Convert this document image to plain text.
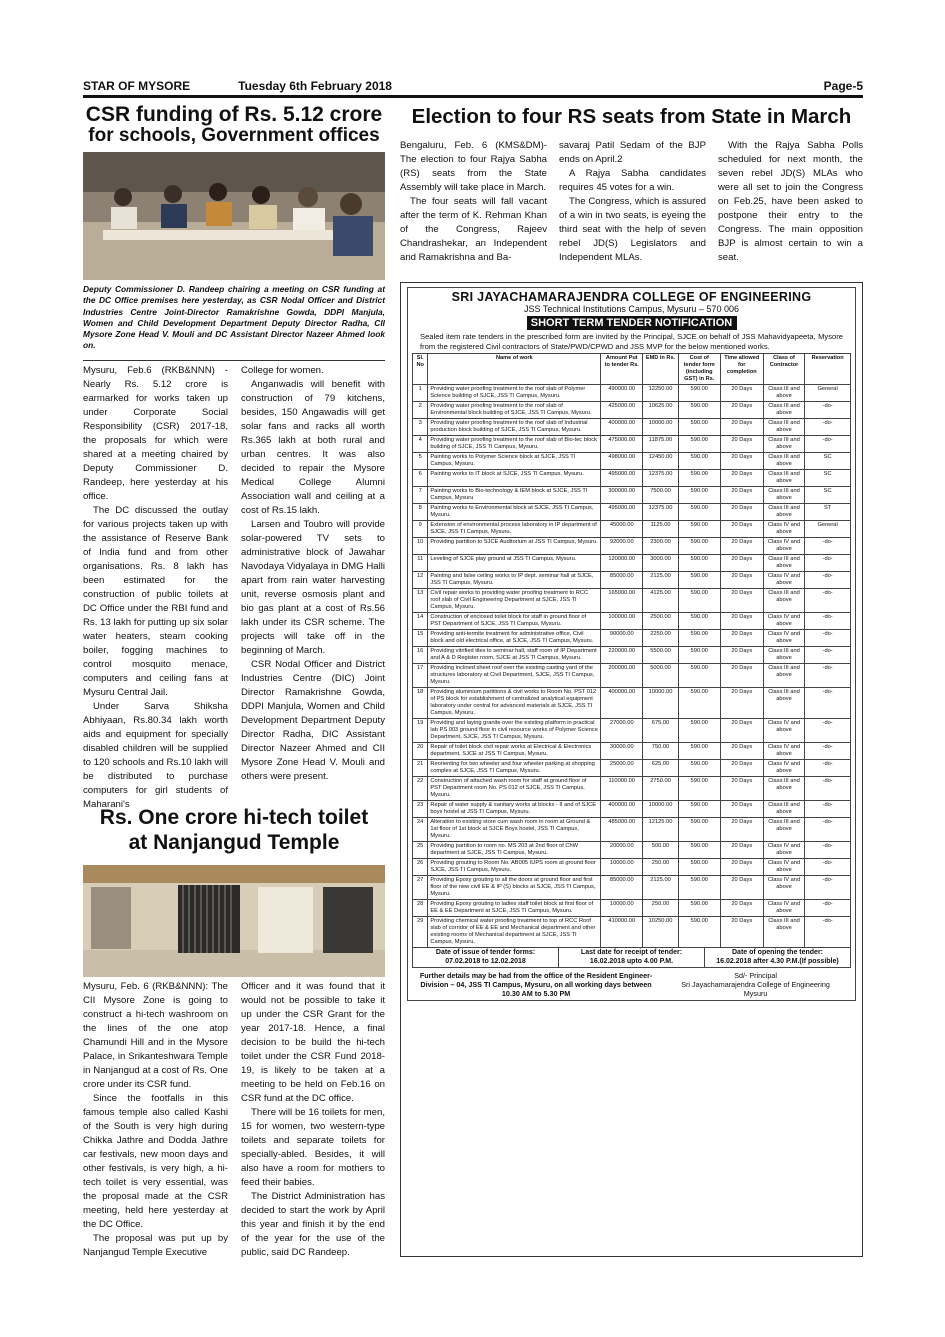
STAR OF MYSORE	Tuesday 6th February 2018	Page-5
CSR funding of Rs. 5.12 crore
for schools, Government offices
Deputy Commissioner D. Randeep chairing a meeting on CSR funding at the DC Office premises here yesterday, as CSR Nodal Officer and District Industries Centre Joint-Director Ramakrishne Gowda, DDPI Manjula, Women and Child Development Department Deputy Director Radha, CII Mysore Zone Head V. Mouli and DC Assistant Director Nazeer Ahmed look on.

Mysuru, Feb.6 (RKB&NNN) - Nearly Rs. 5.12 crore is earmarked for works taken up under Corporate Social Responsibility (CSR) 2017-18, the proposals for which were shared at a meeting chaired by Deputy Commissioner D. Randeep, here yesterday at his office.

The DC discussed the outlay for various projects taken up with the assistance of Reserve Bank of India fund and from other organisations. Rs. 8 lakh has been estimated for the construction of public toilets at DC Office under the RBI fund and Rs. 13 lakh for putting up six solar water heaters, steam cooking boiler, fogging machines to control mosquito menace, computers and ceiling fans at Mysuru Central Jail.

Under Sarva Shiksha Abhiyaan, Rs.80.34 lakh worth aids and equipment for specially disabled children will be supplied to 120 schools and Rs.10 lakh will be distributed to purchase computers for girl students of Maharani's

College for women.

Anganwadis will benefit with construction of 79 kitchens, besides, 150 Angawadis will get solar fans and racks all worth Rs.365 lakh at both rural and urban centres. It was also decided to repair the Mysore Medical College Alumni Association wall and ceiling at a cost of Rs.15 lakh.

Larsen and Toubro will provide solar-powered TV sets to administrative block of Jawahar Navodaya Vidyalaya in DMG Halli apart from rain water harvesting unit, reverse osmosis plant and bio gas plant at a cost of Rs.56 lakh under its CSR scheme. The projects will take off in the beginning of March.

CSR Nodal Officer and District Industries Centre (DIC) Joint Director Ramakrishne Gowda, DDPI Manjula, Women and Child Development Department Deputy Director Radha, DIC Assistant Director Nazeer Ahmed and CII Mysore Zone Head V. Mouli and others were present.

Rs. One crore hi-tech toilet
at Nanjangud Temple

Mysuru, Feb. 6 (RKB&NNN): The CII Mysore Zone is going to construct a hi-tech washroom on the lines of the one atop Chamundi Hill and in the Mysore Palace, in Srikanteshwara Temple in Nanjangud at a cost of Rs. One crore under its CSR fund.

Since the footfalls in this famous temple also called Kashi of the South is very high during Chikka Jathre and Dodda Jathre car festivals, new moon days and other festivals, is very high, a hi-tech toilet is very essential, was the proposal made at the CSR meeting, held here yesterday at the DC Office.

The proposal was put up by Nanjangud Temple Executive

Officer and it was found that it would not be possible to take it up under the CSR Grant for the year 2017-18. Hence, a final decision to be build the hi-tech toilet under the CSR Fund 2018-19, is likely to be taken at a meeting to be held on Feb.16 on CSR fund at the DC office.

There will be 16 toilets for men, 15 for women, two western-type toilets and separate toilets for specially-abled. Besides, it will also have a room for mothers to feed their babies.

The District Administration has decided to start the work by April this year and finish it by the end of the year for the use of the public, said DC Randeep.

Election to four RS seats from State in March

Bengaluru, Feb. 6 (KMS&DM)- The election to four Rajya Sabha (RS) seats from the State Assembly will take place in March.

The four seats will fall vacant after the term of K. Rehman Khan of the Congress, Rajeev Chandrashekar, an Independent and Ramakrishna and Ba-

savaraj Patil Sedam of the BJP ends on April.2

A Rajya Sabha candidates requires 45 votes for a win.

The Congress, which is assured of a win in two seats, is eyeing the third seat with the help of seven rebel JD(S) Legislators and Independent MLAs.

With the Rajya Sabha Polls scheduled for next month, the seven rebel JD(S) MLAs who were all set to join the Congress on Feb.25, have been asked to postpone their entry to the Congress. The main opposition BJP is almost certain to win a seat.

SRI JAYACHAMARAJENDRA COLLEGE OF ENGINEERING
JSS Technical Institutions Campus, Mysuru – 570 006
SHORT TERM TENDER NOTIFICATION
Sealed item rate tenders in the prescribed form are invited by the Principal, SJCE on behalf of JSS Mahavidyapeeta, Mysore from the registered Civil contractors of State/PWD/CPWD and JSS MVP for the below mentioned works.
Sl. No	Name of work	Amount Put to tender Rs.	EMD in Rs.	Cost of tender form (including GST) in Rs.	Time allowed for completion	Class of Contractor	Reservation
1	Providing water proofing treatment to the roof slab of Polymer Science building of SJCE, JSS TI Campus, Mysuru.	490000.00	12250.00	590.00	20 Days	Class III and above	General
2	Providing water proofing treatment to the roof slab of Environmental block building of SJCE, JSS TI Campus, Mysuru.	425000.00	10625.00	590.00	20 Days	Class III and above	-do-
3	Providing water proofing treatment to the roof slab of Industrial production block building of SJCE, JSS TI Campus, Mysuru.	400000.00	10000.00	590.00	20 Days	Class III and above	-do-
4	Providing water proofing treatment to the roof slab of Bio-tec block building of SJCE, JSS TI Campus, Mysuru.	475000.00	11875.00	590.00	20 Days	Class III and above	-do-
5	Painting works to Polymer Science block at SJCE, JSS TI Campus, Mysuru.	498000.00	12450.00	590.00	20 Days	Class III and above	SC
6	Painting works to IT block at SJCE, JSS TI Campus, Mysuru.	495000.00	12375.00	590.00	20 Days	Class III and above	SC
7	Painting works to Bio-technology & IEM block at SJCE, JSS TI Campus, Mysuru	300000.00	7500.00	590.00	20 Days	Class III and above	SC
8	Painting works to Environmental block at SJCE, JSS TI Campus, Mysuru.	495000.00	12375.00	590.00	20 Days	Class III and above	ST
9	Extension of environmental process laboratory in IP department of SJCE, JSS TI Campus, Mysuru.	45000.00	1125.00	590.00	20 Days	Class IV and above	General
10	Providing partition to SJCE Auditorium at JSS TI Campus, Mysuru.	92000.00	2300.00	590.00	20 Days	Class IV and above	-do-
11	Leveling of SJCE play ground at JSS TI Campus, Mysuru.	120000.00	3000.00	590.00	20 Days	Class III and above	-do-
12	Painting and false ceiling works to IP dept. seminar hall at SJCE, JSS TI Campus, Mysuru.	85000.00	2125.00	590.00	20 Days	Class IV and above	-do-
13	Civil repair works to providing water proofing treatment to RCC roof slab of Civil Engineering Department at SJCE, JSS TI Campus, Mysuru.	165000.00	4125.00	590.00	20 Days	Class III and above	-do-
14	Construction of enclosed toilet block for staff in ground floor of PST Department of SJCE, JSS TI Campus, Mysuru.	100000.00	2500.00	590.00	20 Days	Class IV and above	-do-
15	Providing anti-termite treatment for administrative office, Civil block and old electrical office, at SJCE, JSS TI Campus, Mysuru.	90000.00	2250.00	590.00	20 Days	Class IV and above	-do-
16	Providing vitrified tiles to seminar hall, staff room of IP Department and A & D Register room, SJCE at JSS TI Campus, Mysuru.	220000.00	5500.00	590.00	20 Days	Class III and above	-do-
17	Providing inclined sheet roof over the existing casting yard of the structures laboratory at Civil Department, SJCE, JSS TI Campus, Mysuru.	200000.00	5000.00	590.00	20 Days	Class III and above	-do-
18	Providing aluminium partitions & civil works to Room No. PST 012 of PS block for establishment of centralized analytical equipment laboratory under central for advanced materials at SJCE, JSS TI Campus, Mysuru.	400000.00	10000.00	590.00	20 Days	Class III and above	-do-
19	Providing and laying granite over the existing platform in practical lab PS 003 ground floor in civil resource works of Polymer Science Department, SJCE, JSS TI Campus, Mysuru.	27000.00	675.00	590.00	20 Days	Class IV and above	-do-
20	Repair of toilet block civil repair works at Electrical & Electronics department, SJCE at JSS TI Campus, Mysuru.	30000.00	750.00	590.00	20 Days	Class IV and above	-do-
21	Reorienting for two wheeler and four wheeler parking at shopping complex at SJCE, JSS TI Campus, Mysuru.	25000.00	625.00	590.00	20 Days	Class IV and above	-do-
22	Construction of attached wash room for staff at ground floor of PST Department room No. PS 012 of SJCE, JSS TI Campus, Mysuru.	110000.00	2750.00	590.00	20 Days	Class III and above	-do-
23	Repair of water supply & sanitary works at blocks - II and of SJCE boys hostel at JSS TI Campus, Mysuru.	400000.00	10000.00	590.00	20 Days	Class III and above	-do-
24	Alteration to existing store cum wash room in room at Ground & 1st floor of 1st block at SJCE Boys hostel, JSS TI Campus, Mysuru.	485000.00	12125.00	590.00	20 Days	Class III and above	-do-
25	Providing partition to room no. MS 203 at 2nd floor of ChW department at SJCE, JSS TI Campus, Mysuru.	20000.00	500.00	590.00	20 Days	Class IV and above	-do-
26	Providing grouting to Room No. AB005 IUPS room at ground floor SJCE, JSS TI Campus, Mysuru.	10000.00	250.00	590.00	20 Days	Class IV and above	-do-
27	Providing Epoxy grouting to all the doors at ground floor and first floor of the new civil EE & IP (S) blocks at SJCE, JSS TI Campus, Mysuru.	85000.00	2125.00	590.00	20 Days	Class IV and above	-do-
28	Providing Epoxy grouting to ladies staff toilet block at first floor of EE & EE Department at SJCE, JSS TI Campus, Mysuru.	10000.00	250.00	590.00	20 Days	Class IV and above	-do-
29	Providing chemical water proofing treatment to top of RCC Roof slab of corridor of EE & EE and Mechanical department and other existing rooms of Mechanical department at SJCE, JSS TI Campus, Mysuru.	410000.00	10250.00	590.00	20 Days	Class III and above	-do-
Date of issue of tender forms:
07.02.2018 to 12.02.2018
Last date for receipt of tender:
16.02.2018 upto 4.00 P.M.
Date of opening the tender:
16.02.2018 after 4.30 P.M.(If possible)
Further details may be had from the office of the Resident Engineer- Division – 04, JSS TI Campus, Mysuru, on all working days between 10.30 AM to 5.30 PM
Sd/- Principal
Sri Jayachamarajendra College of Engineering
Mysuru
